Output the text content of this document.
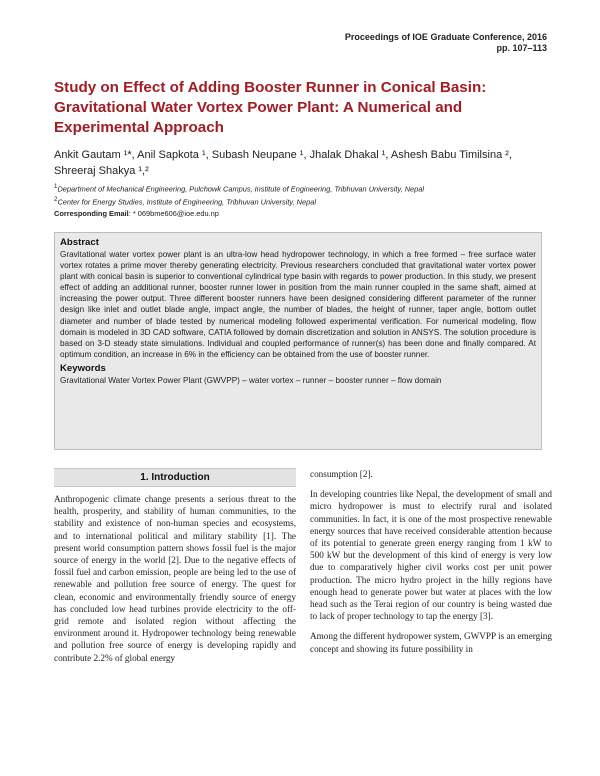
Proceedings of IOE Graduate Conference, 2016
pp. 107–113
Study on Effect of Adding Booster Runner in Conical Basin:
Gravitational Water Vortex Power Plant: A Numerical and
Experimental Approach
Ankit Gautam ¹*, Anil Sapkota ¹, Subash Neupane ¹, Jhalak Dhakal ¹, Ashesh Babu Timilsina ²,
Shreeraj Shakya ¹,²
$^1$Department of Mechanical Engineering, Pulchowk Campus, Institute of Engineering, Tribhuvan University, Nepal
$^2$Center for Energy Studies, Institute of Engineering, Tribhuvan University, Nepal
Corresponding Email: * 069bme606@ioe.edu.np
Abstract
Gravitational water vortex power plant is an ultra-low head hydropower technology, in which a free formed – free surface water vortex rotates a prime mover thereby generating electricity. Previous researchers concluded that gravitational water vortex power plant with conical basin is superior to conventional cylindrical type basin with regards to power production. In this study, we present effect of adding an additional runner, booster runner lower in position from the main runner coupled in the same shaft, aimed at increasing the power output. Three different booster runners have been designed considering different parameter of the runner design like inlet and outlet blade angle, impact angle, the number of blades, the height of runner, taper angle, bottom outlet diameter and number of blade tested by numerical modeling followed experimental verification. For numerical modeling, flow domain is modeled in 3D CAD software, CATIA followed by domain discretization and solution in ANSYS. The solution procedure is based on 3-D steady state simulations. Individual and coupled performance of runner(s) has been done and finally compared. At optimum condition, an increase in 6% in the efficiency can be obtained from the use of booster runner.
Keywords
Gravitational Water Vortex Power Plant (GWVPP) – water vortex – runner – booster runner – flow domain
1. Introduction

Anthropogenic climate change presents a serious threat to the health, prosperity, and stability of human communities, to the stability and existence of non-human species and ecosystems, and to international political and military stability [1]. The present world consumption pattern shows fossil fuel is the major source of energy in the world [2]. Due to the negative effects of fossil fuel and carbon emission, people are being led to the use of renewable and pollution free source of energy. The quest for clean, economic and environmentally friendly source of energy has concluded low head turbines provide electricity to the off-grid remote and isolated region without affecting the environment around it. Hydropower technology being renewable and pollution free source of energy is developing rapidly and contribute 2.2% of global energy

consumption [2].

In developing countries like Nepal, the development of small and micro hydropower is must to electrify rural and isolated communities. In fact, it is one of the most prospective renewable energy sources that have received considerable attention because of its potential to generate green energy ranging from 1 kW to 500 kW but the development of this kind of energy is very low due to comparatively higher civil works cost per unit power production. The micro hydro project in the hilly regions have enough head to generate power but water at places with the low head such as the Terai region of our country is being wasted due to lack of proper technology to tap the energy [3].

Among the different hydropower system, GWVPP is an emerging concept and showing its future possibility in
